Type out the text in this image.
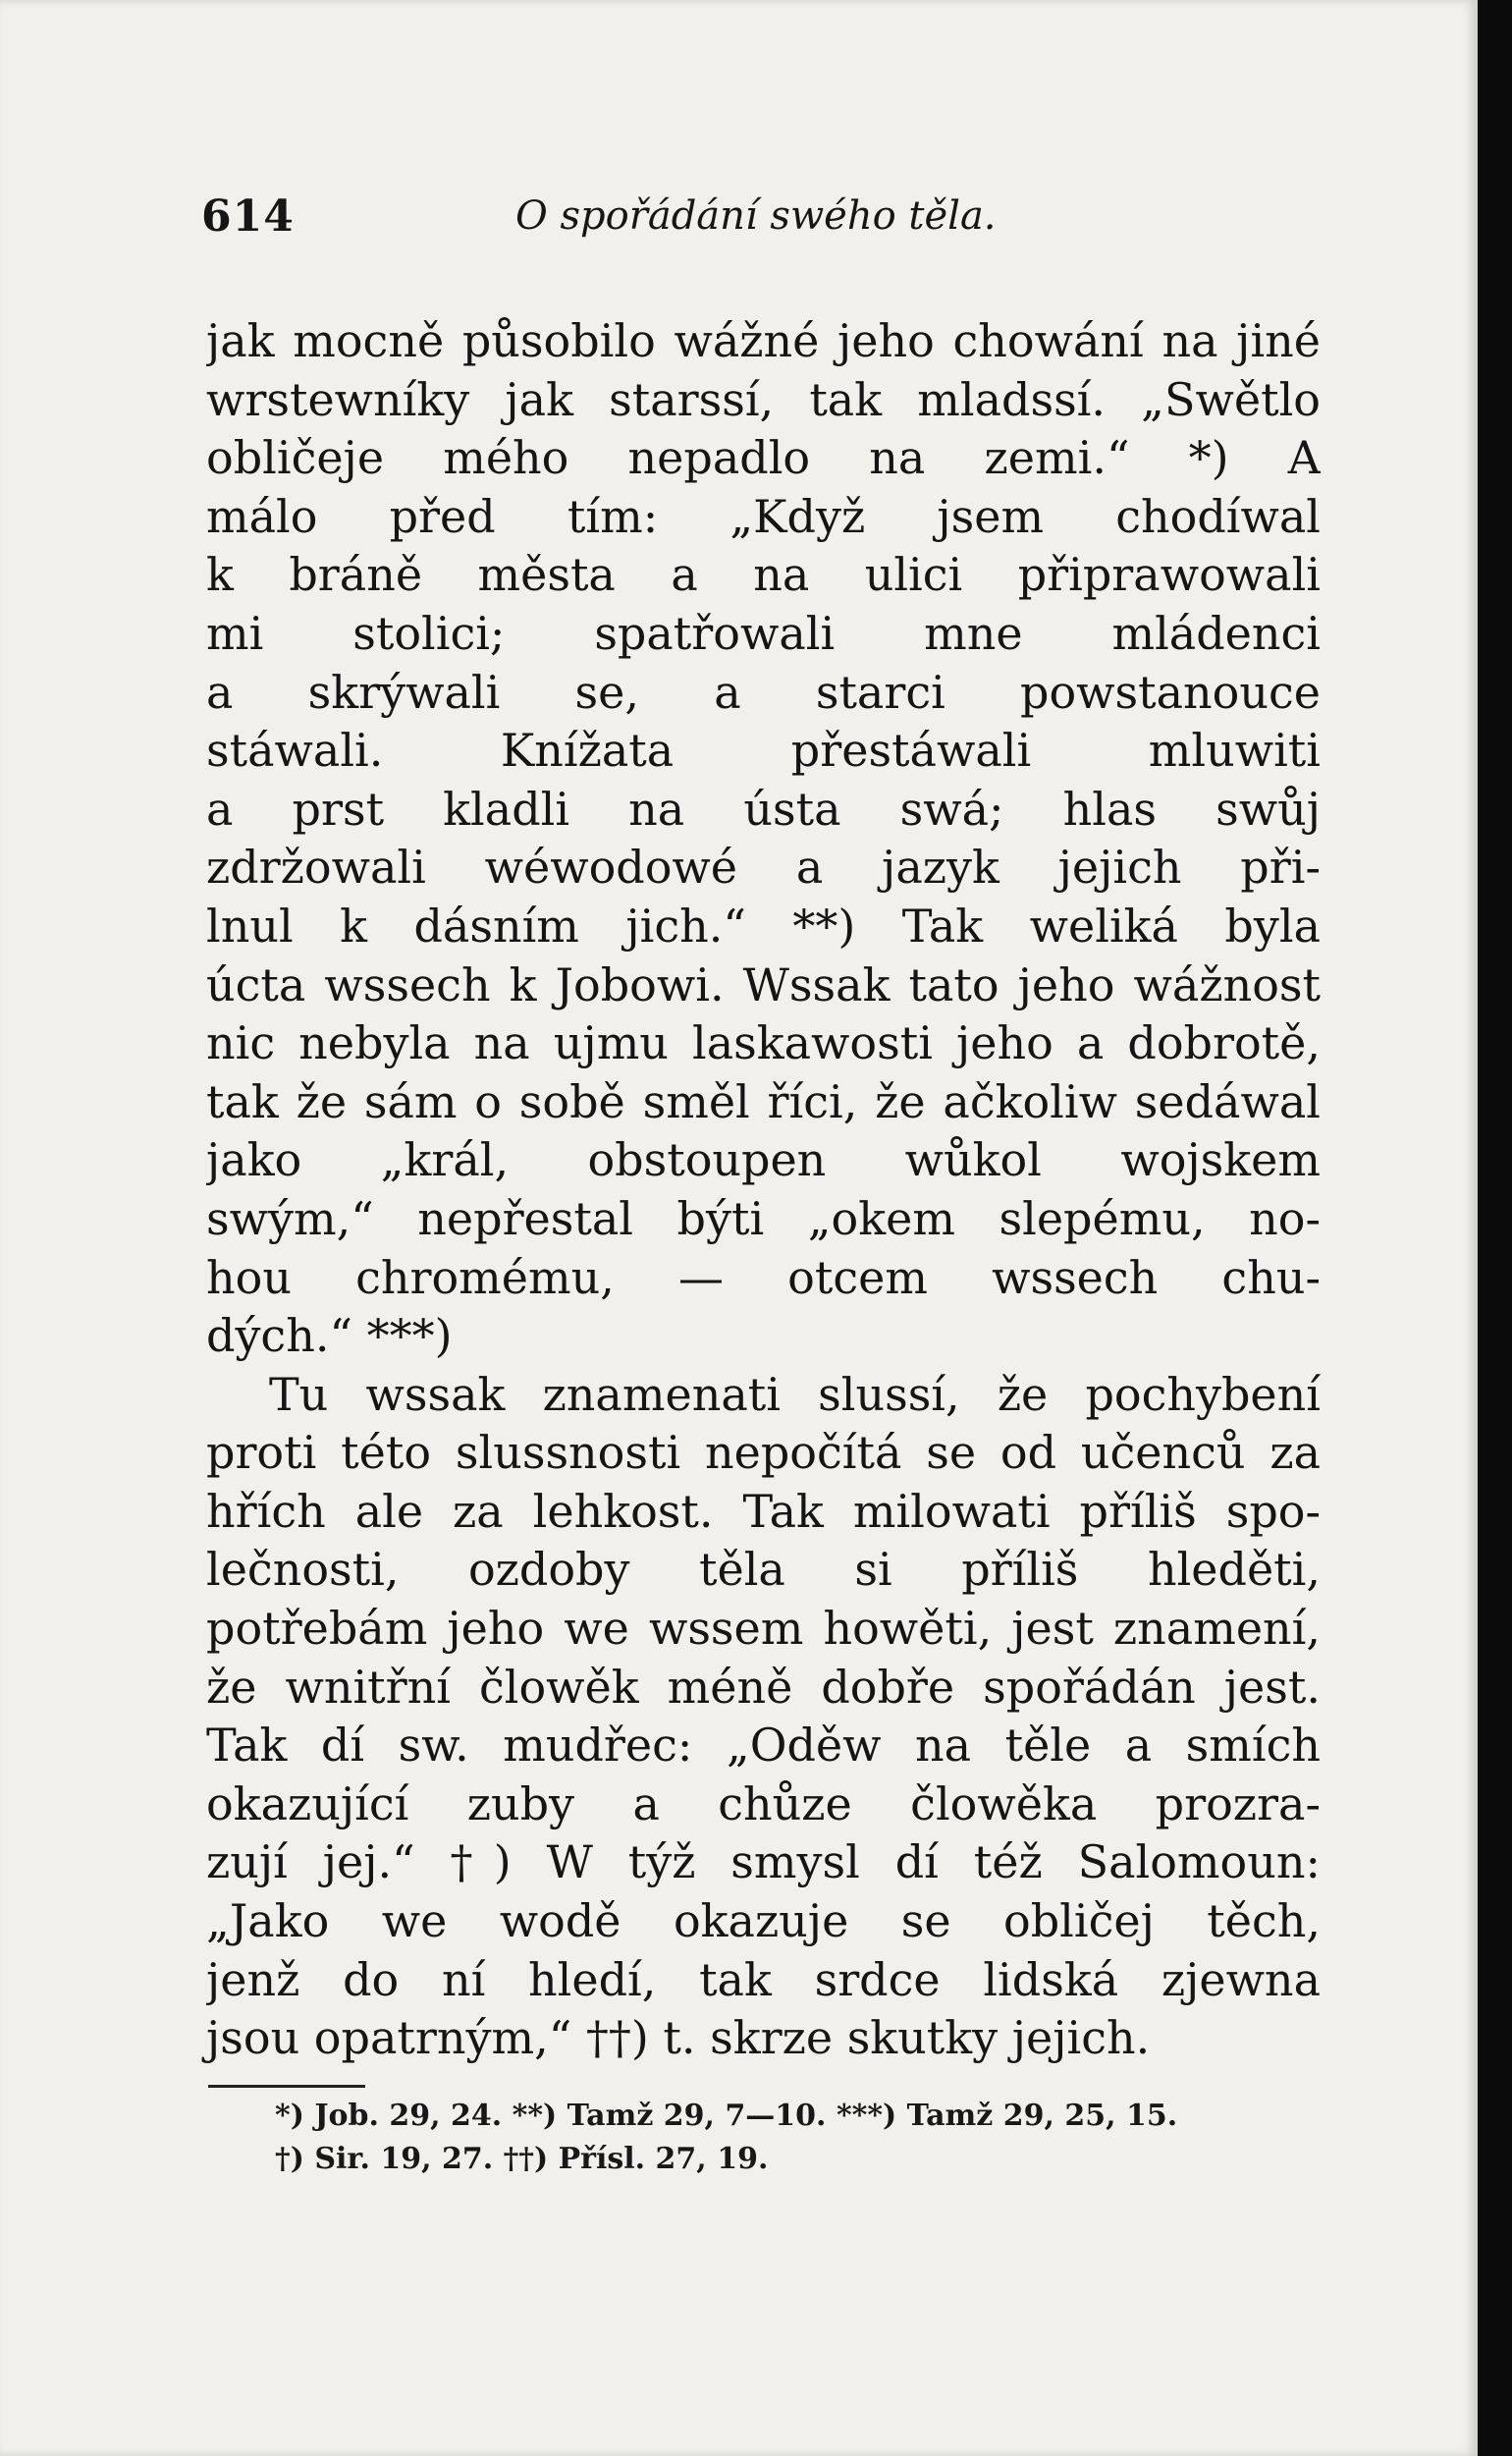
614	O spořádání swého těla.
jak mocně působilo wážné jeho chowání na jiné
wrstewníky jak starssí, tak mladssí. „Swětlo
obličeje mého nepadlo na zemi.“ *) A
málo před tím: „Když jsem chodíwal
k bráně města a na ulici připrawowali
mi stolici; spatřowali mne mládenci
a skrýwali se, a starci powstanouce
stáwali. Knížata přestáwali mluwiti
a prst kladli na ústa swá; hlas swůj
zdržowali wéwodowé a jazyk jejich při-
lnul k dásním jich.“ **) Tak weliká byla
úcta wssech k Jobowi. Wssak tato jeho wážnost
nic nebyla na ujmu laskawosti jeho a dobrotě,
tak že sám o sobě směl říci, že ačkoliw sedáwal
jako „král, obstoupen wůkol wojskem
swým,“ nepřestal býti „okem slepému, no-
hou chromému, — otcem wssech chu-
dých.“ ***)
Tu wssak znamenati slussí, že pochybení
proti této slussnosti nepočítá se od učenců za
hřích ale za lehkost. Tak milowati příliš spo-
lečnosti, ozdoby těla si příliš hleděti,
potřebám jeho we wssem howěti, jest znamení,
že wnitřní člowěk méně dobře spořádán jest.
Tak dí sw. mudřec: „Oděw na těle a smích
okazující zuby a chůze člowěka prozra-
zují jej.“ †) W týž smysl dí též Salomoun:
„Jako we wodě okazuje se obličej těch,
jenž do ní hledí, tak srdce lidská zjewna
jsou opatrným,“ ††) t. skrze skutky jejich.
*) Job. 29, 24. **) Tamž 29, 7—10. ***) Tamž 29, 25, 15.
†) Sir. 19, 27. ††) Přísl. 27, 19.
